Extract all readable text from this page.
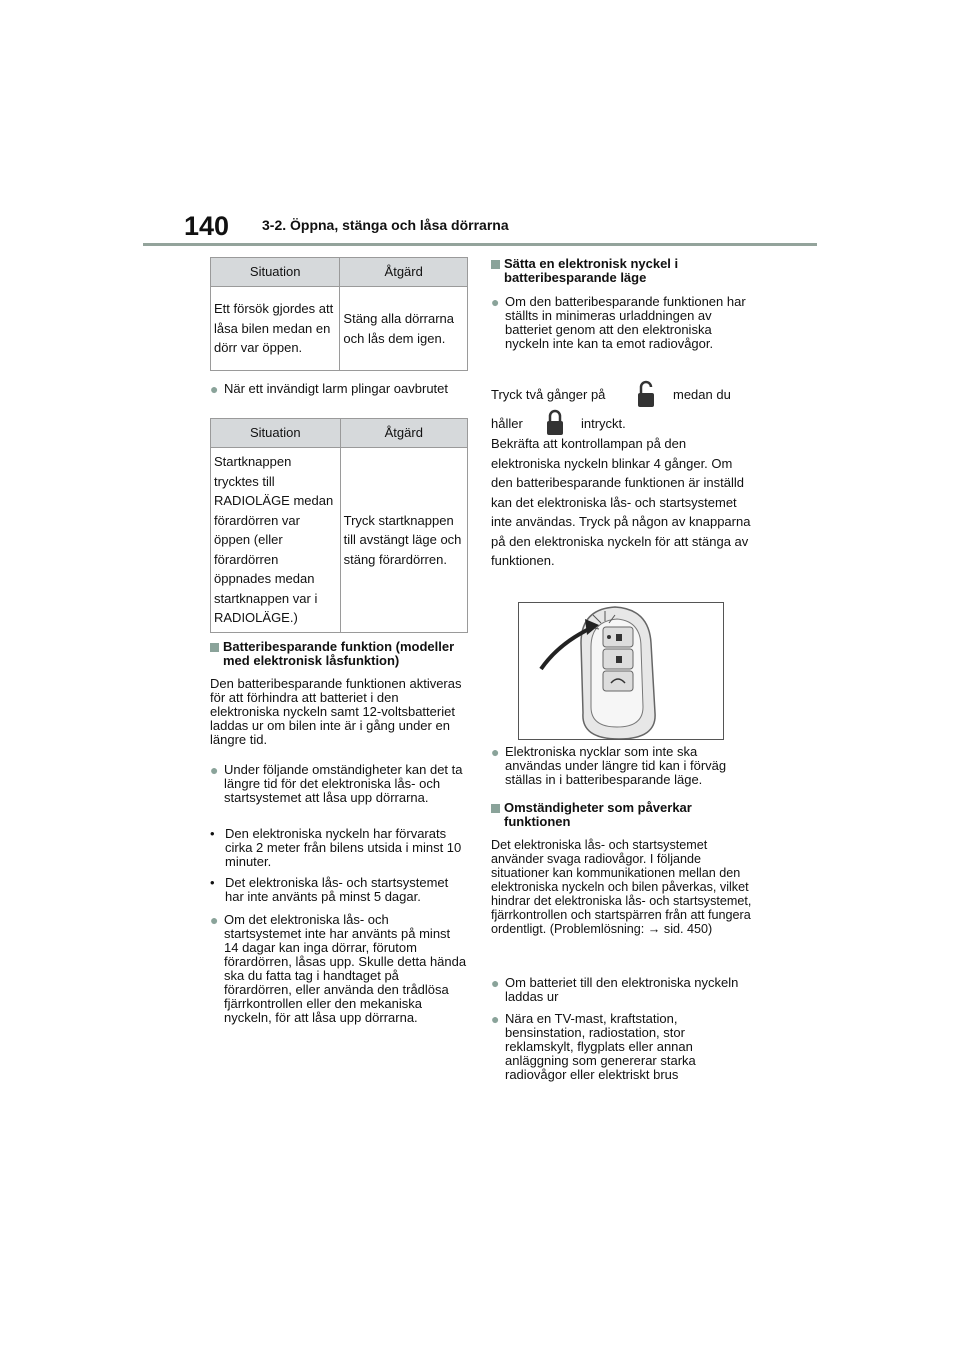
140 3-2. Öppna, stänga och låsa dörrarna
Situation	Åtgärd
Ett försök gjordes att låsa bilen medan en dörr var öppen.	Stäng alla dörrarna och lås dem igen.
● När ett invändigt larm plingar oavbrutet
Situation	Åtgärd
Startknappen trycktes till RADIOLÄGE medan förardörren var öppen (eller förardörren öppnades medan startknappen var i RADIOLÄGE.)	Tryck startknappen till avstängt läge och stäng förardörren.
Batteribesparande funktion (modeller med elektronisk låsfunktion)
Den batteribesparande funktionen aktiveras för att förhindra att batteriet i den elektroniska nyckeln samt 12-voltsbatteriet laddas ur om bilen inte är i gång under en längre tid.
● Under följande omständigheter kan det ta längre tid för det elektroniska lås- och startsystemet att låsa upp dörrarna.
• Den elektroniska nyckeln har förvarats cirka 2 meter från bilens utsida i minst 10 minuter.
• Det elektroniska lås- och startsystemet har inte använts på minst 5 dagar.
● Om det elektroniska lås- och startsystemet inte har använts på minst 14 dagar kan inga dörrar, förutom förardörren, låsas upp. Skulle detta hända ska du fatta tag i handtaget på förardörren, eller använda den trådlösa fjärrkontrollen eller den mekaniska nyckeln, för att låsa upp dörrarna.
Sätta en elektronisk nyckel i batteribesparande läge
● Om den batteribesparande funktionen har ställts in minimeras urladdningen av batteriet genom att den elektroniska nyckeln inte kan ta emot radiovågor.
Tryck två gånger på	medan du
håller	intryckt.
Bekräfta att kontrollampan på den elektroniska nyckeln blinkar 4 gånger. Om den batteribesparande funktionen är inställd kan det elektroniska lås- och startsystemet inte användas. Tryck på någon av knapparna på den elektroniska nyckeln för att stänga av funktionen.
● Elektroniska nycklar som inte ska användas under längre tid kan i förväg ställas in i batteribesparande läge.
Omständigheter som påverkar funktionen
Det elektroniska lås- och startsystemet använder svaga radiovågor. I följande situationer kan kommunikationen mellan den elektroniska nyckeln och bilen påverkas, vilket hindrar det elektroniska lås- och startsystemet, fjärrkontrollen och startspärren från att fungera ordentligt. (Problemlösning: → sid. 450)
● Om batteriet till den elektroniska nyckeln laddas ur
● Nära en TV-mast, kraftstation, bensinstation, radiostation, stor reklamskylt, flygplats eller annan anläggning som genererar starka radiovågor eller elektriskt brus
